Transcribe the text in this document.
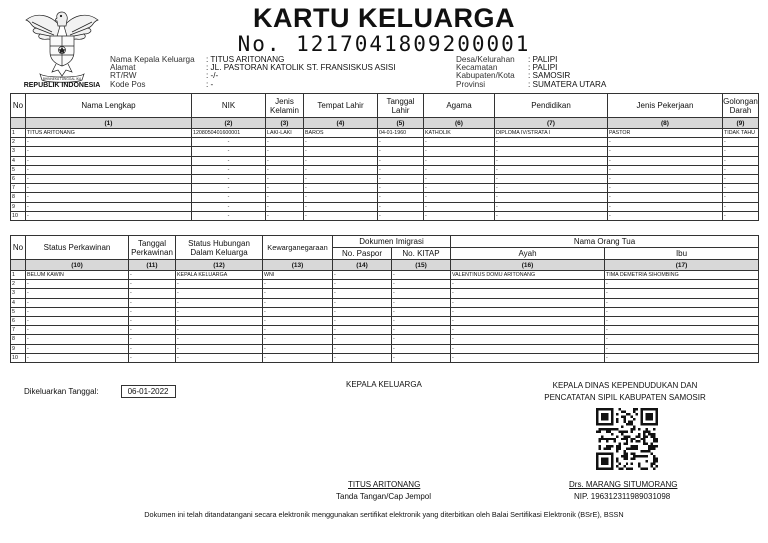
BHINNEKA TUNGGAL IKA
REPUBLIK INDONESIA
KARTU KELUARGA
No. 1217041809200001
Nama Kepala Keluarga	: TITUS ARITONANG
Alamat	: JL. PASTORAN KATOLIK ST. FRANSISKUS ASISI
RT/RW	: -/-
Kode Pos	: -
Desa/Kelurahan	: PALIPI
Kecamatan	: PALIPI
Kabupaten/Kota	: SAMOSIR
Provinsi	: SUMATERA UTARA
No	Nama Lengkap	NIK	Jenis Kelamin	Tempat Lahir	Tanggal Lahir	Agama	Pendidikan	Jenis Pekerjaan	Golongan Darah
	(1)	(2)	(3)	(4)	(5)	(6)	(7)	(8)	(9)
1	TITUS ARITONANG	1208050401600001	LAKI-LAKI	BAROS	04-01-1960	KATHOLIK	DIPLOMA IV/STRATA I	PASTOR	TIDAK TAHU
2	-	-	-	-	-	-	-	-	-
3	-	-	-	-	-	-	-	-	-
4	-	-	-	-	-	-	-	-	-
5	-	-	-	-	-	-	-	-	-
6	-	-	-	-	-	-	-	-	-
7	-	-	-	-	-	-	-	-	-
8	-	-	-	-	-	-	-	-	-
9	-	-	-	-	-	-	-	-	-
10	-	-	-	-	-	-	-	-	-
No	Status Perkawinan	Tanggal Perkawinan	Status Hubungan Dalam Keluarga	Kewarganegaraan	Dokumen Imigrasi		Nama Orang Tua	
					No. Paspor	No. KITAP	Ayah	Ibu
	(10)	(11)	(12)	(13)	(14)	(15)	(16)	(17)
1	BELUM KAWIN	-	KEPALA KELUARGA	WNI	-	-	VALENTINUS DOMU ARITONANG	TIMA DEMETRIA SIHOMBING
2	-	-	-	-	-	-	-	-
3	-	-	-	-	-	-	-	-
4	-	-	-	-	-	-	-	-
5	-	-	-	-	-	-	-	-
6	-	-	-	-	-	-	-	-
7	-	-	-	-	-	-	-	-
8	-	-	-	-	-	-	-	-
9	-	-	-	-	-	-	-	-
10	-	-	-	-	-	-	-	-
Dikeluarkan Tanggal:	06-01-2022
KEPALA KELUARGA
TITUS ARITONANG
Tanda Tangan/Cap Jempol
KEPALA DINAS KEPENDUDUKAN DAN
PENCATATAN SIPIL KABUPATEN SAMOSIR
Drs. MARANG SITUMORANG
NIP. 196312311989031098
Dokumen ini telah ditandatangani secara elektronik menggunakan sertifikat elektronik yang diterbitkan oleh Balai Sertifikasi Elektronik (BSrE), BSSN
